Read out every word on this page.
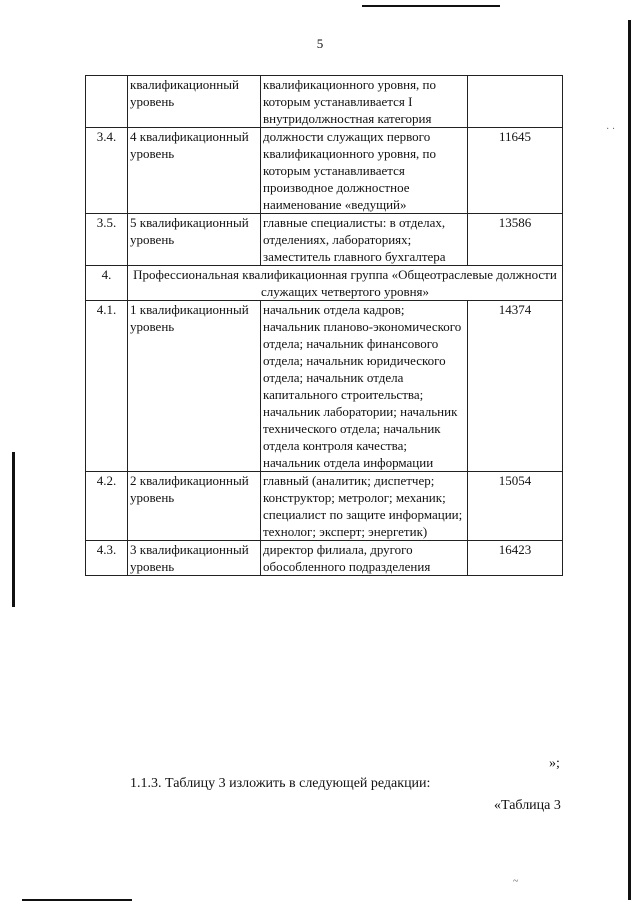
· ·
~
5
	квалификационный уровень	квалификационного уровня, по которым устанавливается I внутридолжностная категория	
3.4.	4 квалификационный уровень	должности служащих первого квалификационного уровня, по которым устанавливается производное должностное наименование «ведущий»	11645
3.5.	5 квалификационный уровень	главные специалисты: в отделах, отделениях, лабораториях; заместитель главного бухгалтера	13586
4.	Профессиональная квалификационная группа «Общеотраслевые должности служащих четвертого уровня»		
4.1.	1 квалификационный уровень	начальник отдела кадров; начальник планово-экономического отдела; начальник финансового отдела; начальник юридического отдела; начальник отдела капитального строительства; начальник лаборатории; начальник технического отдела; начальник отдела контроля качества; начальник отдела информации	14374
4.2.	2 квалификационный уровень	главный (аналитик; диспетчер; конструктор; метролог; механик; специалист по защите информации; технолог; эксперт; энергетик)	15054
4.3.	3 квалификационный уровень	директор филиала, другого обособленного подразделения	16423
»;
1.1.3. Таблицу 3 изложить в следующей редакции:
«Таблица 3
